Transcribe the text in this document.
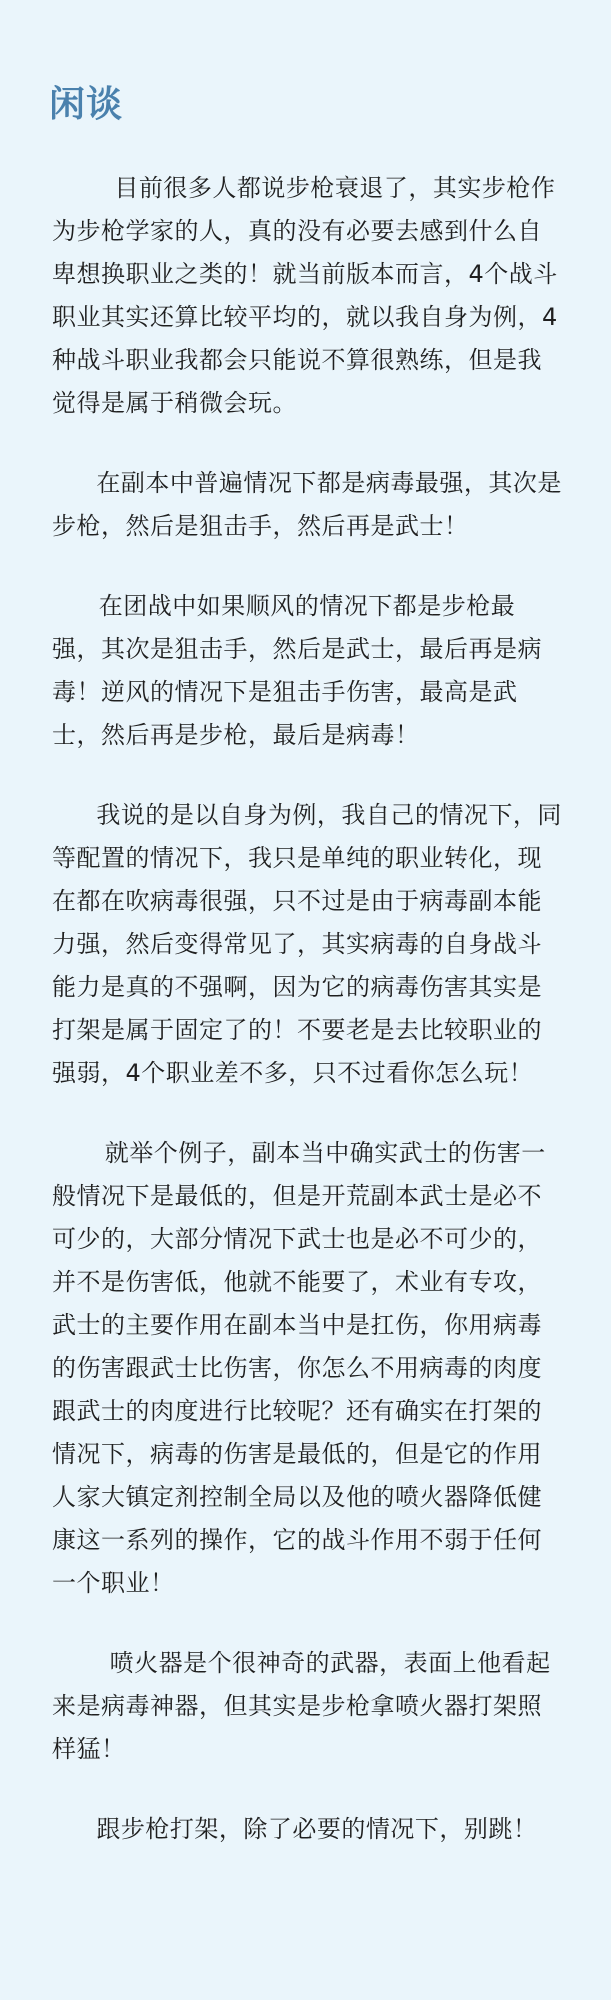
闲谈

目前很多人都说步枪衰退了，其实步枪作为步枪学家的人，真的没有必要去感到什么自卑想换职业之类的！就当前版本而言，4个战斗职业其实还算比较平均的，就以我自身为例，4种战斗职业我都会只能说不算很熟练，但是我觉得是属于稍微会玩。

在副本中普遍情况下都是病毒最强，其次是步枪，然后是狙击手，然后再是武士！

在团战中如果顺风的情况下都是步枪最强，其次是狙击手，然后是武士，最后再是病毒！逆风的情况下是狙击手伤害，最高是武士，然后再是步枪，最后是病毒！

我说的是以自身为例，我自己的情况下，同等配置的情况下，我只是单纯的职业转化，现在都在吹病毒很强，只不过是由于病毒副本能力强，然后变得常见了，其实病毒的自身战斗能力是真的不强啊，因为它的病毒伤害其实是打架是属于固定了的！不要老是去比较职业的强弱，4个职业差不多，只不过看你怎么玩！

就举个例子，副本当中确实武士的伤害一般情况下是最低的，但是开荒副本武士是必不可少的，大部分情况下武士也是必不可少的，并不是伤害低，他就不能要了，术业有专攻，武士的主要作用在副本当中是扛伤，你用病毒的伤害跟武士比伤害，你怎么不用病毒的肉度跟武士的肉度进行比较呢？还有确实在打架的情况下，病毒的伤害是最低的，但是它的作用人家大镇定剂控制全局以及他的喷火器降低健康这一系列的操作，它的战斗作用不弱于任何一个职业！

喷火器是个很神奇的武器，表面上他看起来是病毒神器，但其实是步枪拿喷火器打架照样猛！

跟步枪打架，除了必要的情况下，别跳！
